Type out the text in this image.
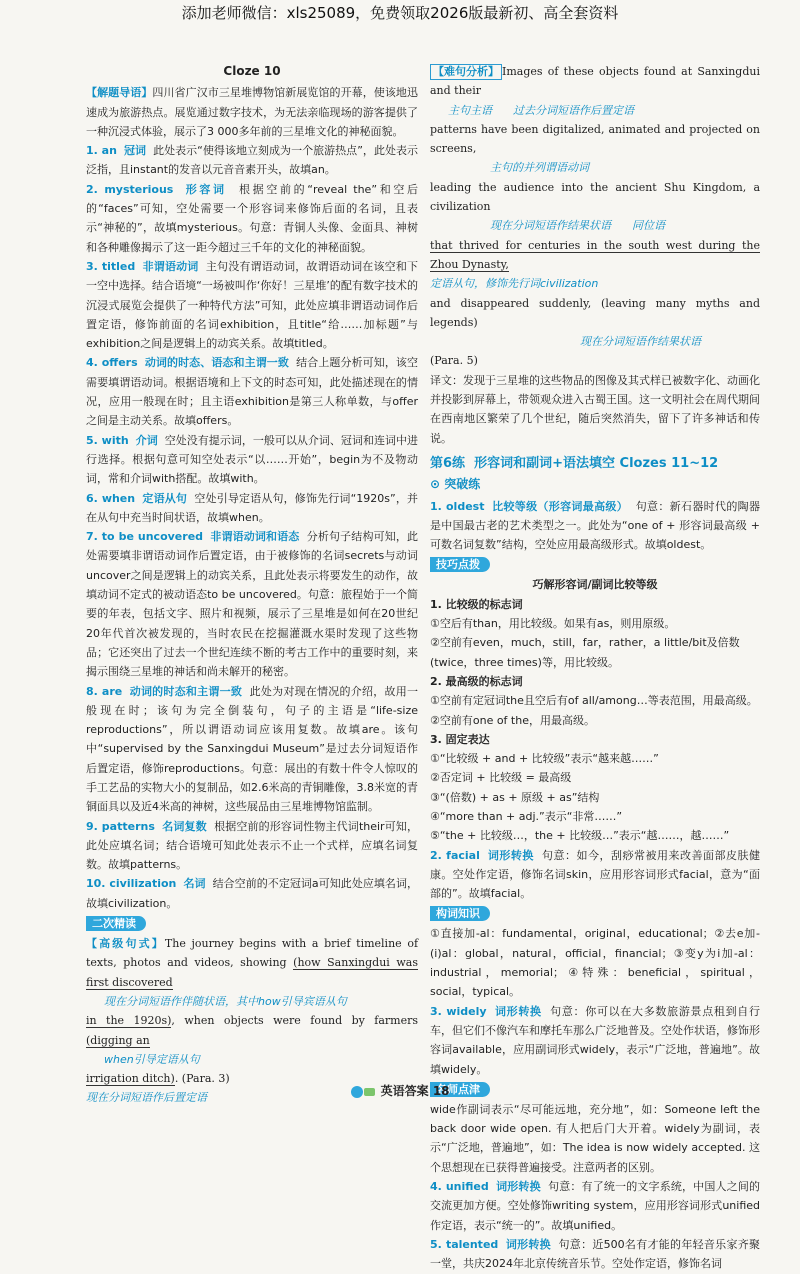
添加老师微信：xls25089，免费领取2026版最新初、高全套资料
Cloze 10

【解题导语】四川省广汉市三星堆博物馆新展览馆的开幕，使该地迅速成为旅游热点。展览通过数字技术，为无法亲临现场的游客提供了一种沉浸式体验，展示了3 000多年前的三星堆文化的神秘面貌。

1. an 冠词 此处表示“使得该地立刻成为一个旅游热点”，此处表示泛指，且instant的发音以元音音素开头，故填an。

2. mysterious 形容词 根据空前的“reveal the”和空后的“faces”可知，空处需要一个形容词来修饰后面的名词，且表示“神秘的”，故填mysterious。句意：青铜人头像、金面具、神树和各种雕像揭示了这一距今超过三千年的文化的神秘面貌。

3. titled 非谓语动词 主句没有谓语动词，故谓语动词在该空和下一空中选择。结合语境“一场被叫作‘你好！三星堆’的配有数字技术的沉浸式展览会提供了一种特代方法”可知，此处应填非谓语动词作后置定语，修饰前面的名词exhibition，且title“给……加标题”与exhibition之间是逻辑上的动宾关系。故填titled。

4. offers 动词的时态、语态和主谓一致 结合上题分析可知，该空需要填谓语动词。根据语境和上下文的时态可知，此处描述现在的情况，应用一般现在时；且主语exhibition是第三人称单数，与offer之间是主动关系。故填offers。

5. with 介词 空处没有提示词，一般可以从介词、冠词和连词中进行选择。根据句意可知空处表示“以……开始”，begin为不及物动词，常和介词with搭配。故填with。

6. when 定语从句 空处引导定语从句，修饰先行词“1920s”，并在从句中充当时间状语，故填when。

7. to be uncovered 非谓语动词和语态 分析句子结构可知，此处需要填非谓语动词作后置定语，由于被修饰的名词secrets与动词uncover之间是逻辑上的动宾关系，且此处表示将要发生的动作，故填动词不定式的被动语态to be uncovered。句意：旅程始于一个简要的年表，包括文字、照片和视频，展示了三星堆是如何在20世纪20年代首次被发现的，当时农民在挖掘灌溉水渠时发现了这些物品；它还突出了过去一个世纪连续不断的考古工作中的重要时刻，来揭示围绕三星堆的神话和尚未解开的秘密。

8. are 动词的时态和主谓一致 此处为对现在情况的介绍，故用一般现在时；该句为完全倒装句，句子的主语是“life-size reproductions”，所以谓语动词应该用复数。故填are。该句中“supervised by the Sanxingdui Museum”是过去分词短语作后置定语，修饰reproductions。句意：展出的有数十件令人惊叹的手工艺品的实物大小的复制品，如2.6米高的青铜雕像，3.8米宽的青铜面具以及近4米高的神树，这些展品由三星堆博物馆监制。

9. patterns 名词复数 根据空前的形容词性物主代词their可知，此处应填名词；结合语境可知此处表示不止一个式样，应填名词复数。故填patterns。

10. civilization 名词 结合空前的不定冠词a可知此处应填名词，故填civilization。

二次精读

【高级句式】The journey begins with a brief timeline of texts, photos and videos, showing (how Sanxingdui was first discovered

现在分词短语作伴随状语，其中how引导宾语从句

in the 1920s), when objects were found by farmers (digging an

when引导定语从句

irrigation ditch). (Para. 3)

现在分词短语作后置定语

【难句分析】 Images of these objects found at Sanxingdui and their

主句主语 过去分词短语作后置定语

patterns have been digitalized, animated and projected on screens,

主句的并列谓语动词

leading the audience into the ancient Shu Kingdom, a civilization

现在分词短语作结果状语 同位语

that thrived for centuries in the south west during the Zhou Dynasty,

定语从句，修饰先行词civilization

and disappeared suddenly, (leaving many myths and legends)

现在分词短语作结果状语

(Para. 5)

译文：发现于三星堆的这些物品的图像及其式样已被数字化、动画化并投影到屏幕上，带领观众进入古蜀王国。这一文明社会在周代期间在西南地区繁荣了几个世纪，随后突然消失，留下了许多神话和传说。

第6练 形容词和副词+语法填空 Clozes 11~12
⊙ 突破练

1. oldest 比较等级（形容词最高级） 句意：新石器时代的陶器是中国最古老的艺术类型之一。此处为“one of + 形容词最高级 + 可数名词复数”结构，空处应用最高级形式。故填oldest。

技巧点拨
巧解形容词/副词比较等级
1. 比较级的标志词
①空后有than，用比较级。如果有as，则用原级。
②空前有even，much，still，far，rather，a little/bit及倍数(twice，three times)等，用比较级。
2. 最高级的标志词
①空前有定冠词the且空后有of all/among…等表范围，用最高级。
②空前有one of the，用最高级。
3. 固定表达
①“比较级 + and + 比较级”表示“越来越……”
②否定词 + 比较级 = 最高级
③“(倍数) + as + 原级 + as”结构
④“more than + adj.”表示“非常……”
⑤“the + 比较级…，the + 比较级…”表示“越……，越……”

2. facial 词形转换 句意：如今，刮痧常被用来改善面部皮肤健康。空处作定语，修饰名词skin，应用形容词形式facial，意为“面部的”。故填facial。

构词知识

①直接加-al：fundamental，original，educational；②去e加-(i)al：global，natural，official，financial；③变y为i加-al：industrial，memorial；④特殊：beneficial，spiritual，social，typical。

3. widely 词形转换 句意：你可以在大多数旅游景点租到自行车，但它们不像汽车和摩托车那么广泛地普及。空处作状语，修饰形容词available，应用副词形式widely，表示“广泛地，普遍地”。故填widely。

名师点津

wide作副词表示“尽可能远地，充分地”，如：Someone left the back door wide open. 有人把后门大开着。widely为副词，表示“广泛地，普遍地”，如：The idea is now widely accepted. 这个思想现在已获得普遍接受。注意两者的区别。

4. unified 词形转换 句意：有了统一的文字系统，中国人之间的交流更加方便。空处修饰writing system，应用形容词形式unified作定语，表示“统一的”。故填unified。

5. talented 词形转换 句意：近500名有才能的年轻音乐家齐聚一堂，共庆2024年北京传统音乐节。空处作定语，修饰名词

英语答案 18
